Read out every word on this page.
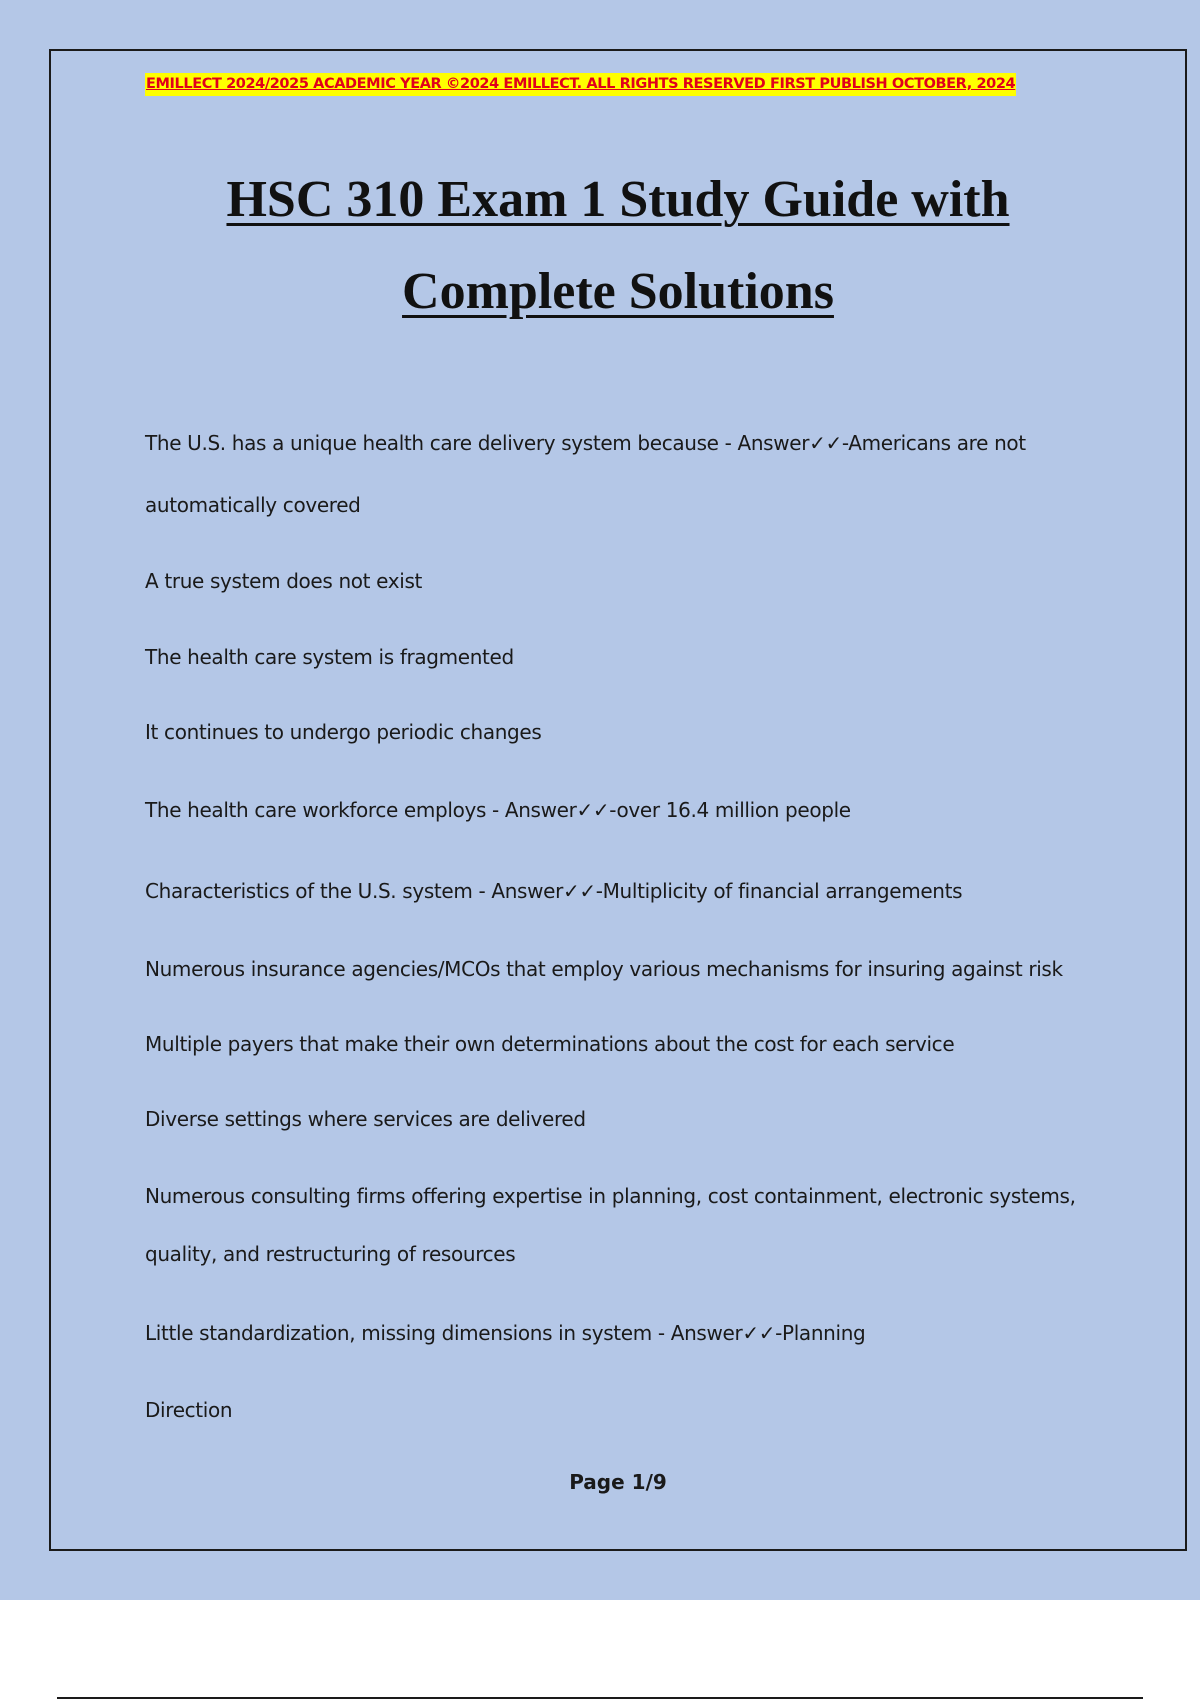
EMILLECT 2024/2025 ACADEMIC YEAR ©2024 EMILLECT. ALL RIGHTS RESERVED FIRST PUBLISH OCTOBER, 2024
HSC 310 Exam 1 Study Guide with
Complete Solutions
The U.S. has a unique health care delivery system because - Answer✓✓-Americans are not
automatically covered
A true system does not exist
The health care system is fragmented
It continues to undergo periodic changes
The health care workforce employs - Answer✓✓-over 16.4 million people
Characteristics of the U.S. system - Answer✓✓-Multiplicity of financial arrangements
Numerous insurance agencies/MCOs that employ various mechanisms for insuring against risk
Multiple payers that make their own determinations about the cost for each service
Diverse settings where services are delivered
Numerous consulting firms offering expertise in planning, cost containment, electronic systems,
quality, and restructuring of resources
Little standardization, missing dimensions in system - Answer✓✓-Planning
Direction
Page 1/9
